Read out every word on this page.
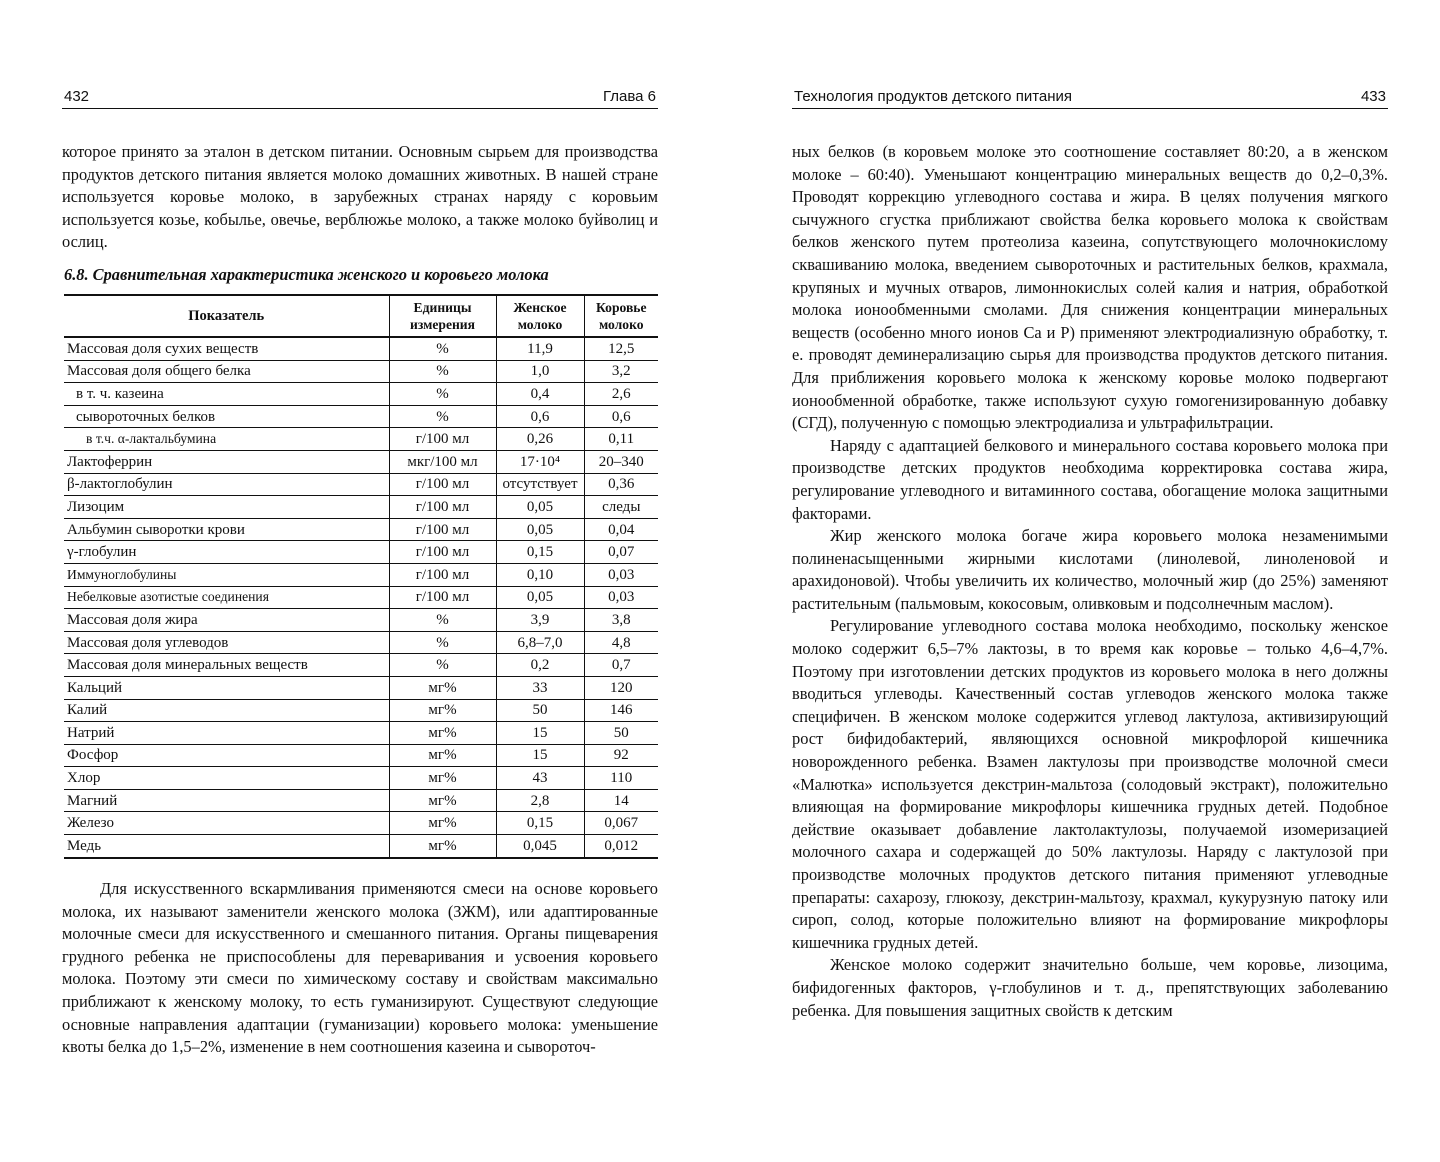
432	Глава 6

которое принято за эталон в детском питании. Основным сырьем для производства продуктов детского питания является молоко домашних животных. В нашей стране используется коровье молоко, в зарубежных странах наряду с коровьим используется козье, кобылье, овечье, верблюжье молоко, а также молоко буйволиц и ослиц.

6.8. Сравнительная характеристика женского и коровьего молока
Показатель	Единицы измерения	Женское молоко	Коровье молоко
Массовая доля сухих веществ	%	11,9	12,5
Массовая доля общего белка	%	1,0	3,2
в т. ч. казеина	%	0,4	2,6
сывороточных белков	%	0,6	0,6
в т.ч. α-лактальбумина	г/100 мл	0,26	0,11
Лактоферрин	мкг/100 мл	17·10⁴	20–340
β-лактоглобулин	г/100 мл	отсутствует	0,36
Лизоцим	г/100 мл	0,05	следы
Альбумин сыворотки крови	г/100 мл	0,05	0,04
γ-глобулин	г/100 мл	0,15	0,07
Иммуноглобулины	г/100 мл	0,10	0,03
Небелковые азотистые соединения	г/100 мл	0,05	0,03
Массовая доля жира	%	3,9	3,8
Массовая доля углеводов	%	6,8–7,0	4,8
Массовая доля минеральных веществ	%	0,2	0,7
Кальций	мг%	33	120
Калий	мг%	50	146
Натрий	мг%	15	50
Фосфор	мг%	15	92
Хлор	мг%	43	110
Магний	мг%	2,8	14
Железо	мг%	0,15	0,067
Медь	мг%	0,045	0,012

Для искусственного вскармливания применяются смеси на основе коровьего молока, их называют заменители женского молока (ЗЖМ), или адаптированные молочные смеси для искусственного и смешанного питания. Органы пищеварения грудного ребенка не приспособлены для переваривания и усвоения коровьего молока. Поэтому эти смеси по химическому составу и свойствам максимально приближают к женскому молоку, то есть гуманизируют. Существуют следующие основные направления адаптации (гуманизации) коровьего молока: уменьшение квоты белка до 1,5–2%, изменение в нем соотношения казеина и сывороточ-

Технология продуктов детского питания	433

ных белков (в коровьем молоке это соотношение составляет 80:20, а в женском молоке – 60:40). Уменьшают концентрацию минеральных веществ до 0,2–0,3%. Проводят коррекцию углеводного состава и жира. В целях получения мягкого сычужного сгустка приближают свойства белка коровьего молока к свойствам белков женского путем протеолиза казеина, сопутствующего молочнокислому сквашиванию молока, введением сывороточных и растительных белков, крахмала, крупяных и мучных отваров, лимоннокислых солей калия и натрия, обработкой молока ионообменными смолами. Для снижения концентрации минеральных веществ (особенно много ионов Са и Р) применяют электродиализную обработку, т. е. проводят деминерализацию сырья для производства продуктов детского питания. Для приближения коровьего молока к женскому коровье молоко подвергают ионообменной обработке, также используют сухую гомогенизированную добавку (СГД), полученную с помощью электродиализа и ультрафильтрации.

Наряду с адаптацией белкового и минерального состава коровьего молока при производстве детских продуктов необходима корректировка состава жира, регулирование углеводного и витаминного состава, обогащение молока защитными факторами.

Жир женского молока богаче жира коровьего молока незаменимыми полиненасыщенными жирными кислотами (линолевой, линоленовой и арахидоновой). Чтобы увеличить их количество, молочный жир (до 25%) заменяют растительным (пальмовым, кокосовым, оливковым и подсолнечным маслом).

Регулирование углеводного состава молока необходимо, поскольку женское молоко содержит 6,5–7% лактозы, в то время как коровье – только 4,6–4,7%. Поэтому при изготовлении детских продуктов из коровьего молока в него должны вводиться углеводы. Качественный состав углеводов женского молока также специфичен. В женском молоке содержится углевод лактулоза, активизирующий рост бифидобактерий, являющихся основной микрофлорой кишечника новорожденного ребенка. Взамен лактулозы при производстве молочной смеси «Малютка» используется декстрин-мальтоза (солодовый экстракт), положительно влияющая на формирование микрофлоры кишечника грудных детей. Подобное действие оказывает добавление лактолактулозы, получаемой изомеризацией молочного сахара и содержащей до 50% лактулозы. Наряду с лактулозой при производстве молочных продуктов детского питания применяют углеводные препараты: сахарозу, глюкозу, декстрин-мальтозу, крахмал, кукурузную патоку или сироп, солод, которые положительно влияют на формирование микрофлоры кишечника грудных детей.

Женское молоко содержит значительно больше, чем коровье, лизоцима, бифидогенных факторов, γ-глобулинов и т. д., препятствующих заболеванию ребенка. Для повышения защитных свойств к детским
